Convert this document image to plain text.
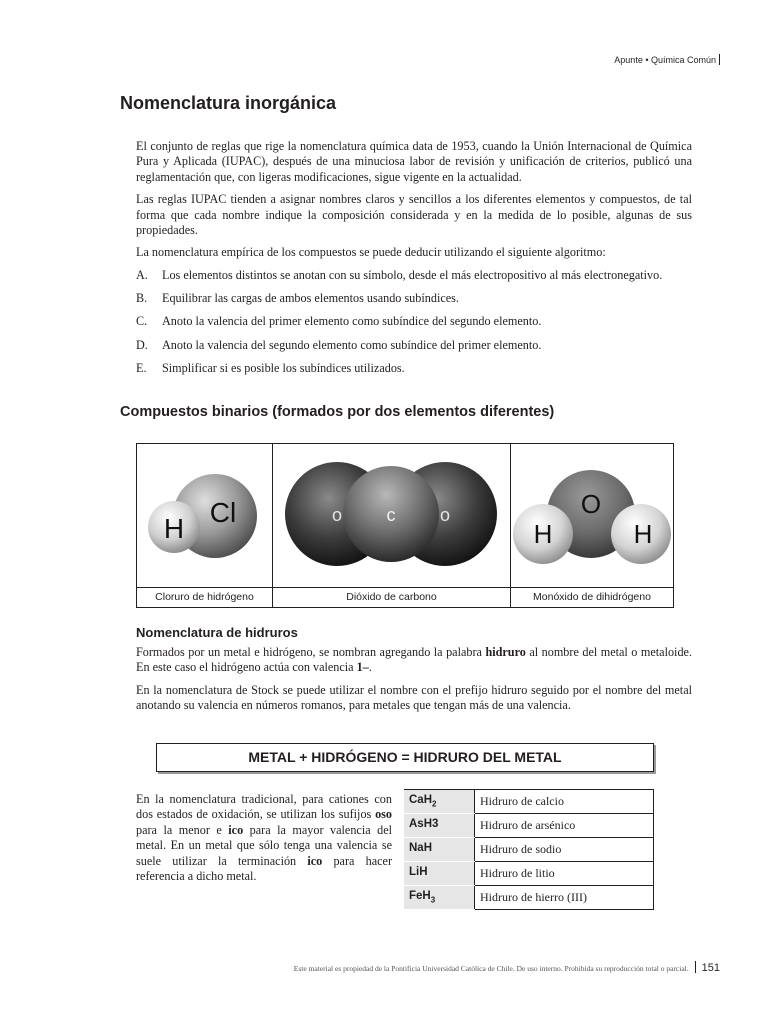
Apunte • Química Común
Nomenclatura inorgánica

El conjunto de reglas que rige la nomenclatura química data de 1953, cuando la Unión Internacional de Química Pura y Aplicada (IUPAC), después de una minuciosa labor de revisión y unificación de criterios, publicó una reglamentación que, con ligeras modificaciones, sigue vigente en la actualidad.

Las reglas IUPAC tienden a asignar nombres claros y sencillos a los diferentes elementos y compuestos, de tal forma que cada nombre indique la composición considerada y en la medida de lo posible, algunas de sus propiedades.

La nomenclatura empírica de los compuestos se puede deducir utilizando el siguiente algoritmo:

A.	Los elementos distintos se anotan con su símbolo, desde el más electropositivo al más electronegativo.
B.	Equilibrar las cargas de ambos elementos usando subíndices.
C.	Anoto la valencia del primer elemento como subíndice del segundo elemento.
D.	Anoto la valencia del segundo elemento como subíndice del primer elemento.
E.	Simplificar si es posible los subíndices utilizados.
Compuestos binarios (formados por dos elementos diferentes)
H
Cl
Cloruro de hidrógeno
o c o
Dióxido de carbono
H
O
H
Monóxido de dihidrógeno
Nomenclatura de hidruros

Formados por un metal e hidrógeno, se nombran agregando la palabra hidruro al nombre del metal o metaloide. En este caso el hidrógeno actúa con valencia 1–.

En la nomenclatura de Stock se puede utilizar el nombre con el prefijo hidruro seguido por el nombre del metal anotando su valencia en números romanos, para metales que tengan más de una valencia.

METAL + HIDRÓGENO = HIDRURO DEL METAL
En la nomenclatura tradicional, para cationes con dos estados de oxidación, se utilizan los sufijos oso para la menor e ico para la mayor valencia del metal. En un metal que sólo tenga una valencia se suele utilizar la terminación ico para hacer referencia a dicho metal.
CaH$_2$	Hidruro de calcio
AsH3	Hidruro de arsénico
NaH	Hidruro de sodio
LiH	Hidruro de litio
FeH$_3$	Hidruro de hierro (III)
Este material es propiedad de la Pontificia Universidad Católica de Chile. De uso interno. Prohibida su reproducción total o parcial. 151
